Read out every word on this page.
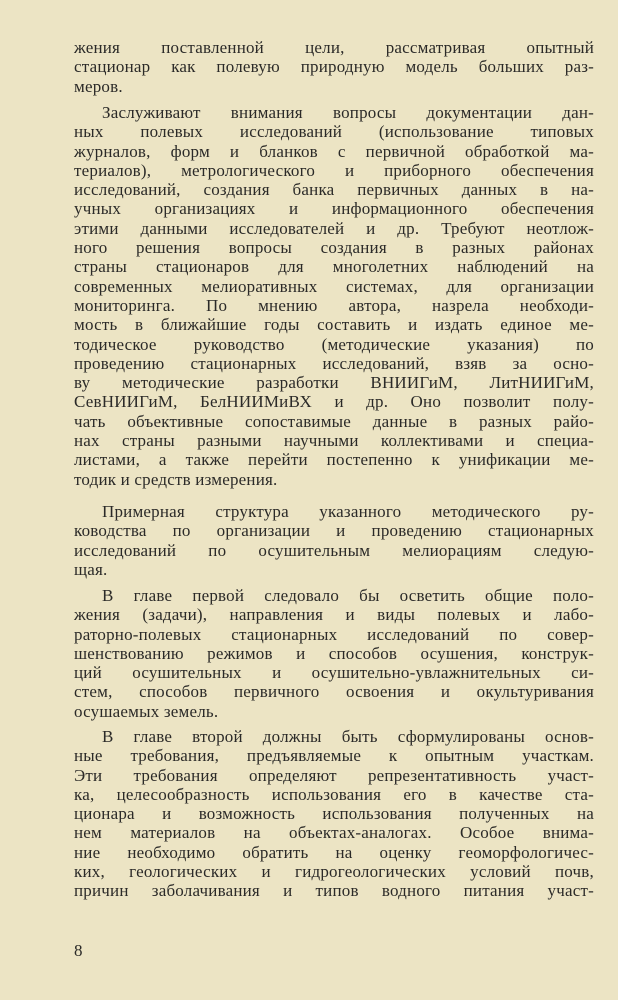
жения поставленной цели, рассматривая опытный
стационар как полевую природную модель больших раз-
меров.
Заслуживают внимания вопросы документации дан-
ных полевых исследований (использование типовых
журналов, форм и бланков с первичной обработкой ма-
териалов), метрологического и приборного обеспечения
исследований, создания банка первичных данных в на-
учных организациях и информационного обеспечения
этими данными исследователей и др. Требуют неотлож-
ного решения вопросы создания в разных районах
страны стационаров для многолетних наблюдений на
современных мелиоративных системах, для организации
мониторинга. По мнению автора, назрела необходи-
мость в ближайшие годы составить и издать единое ме-
тодическое руководство (методические указания) по
проведению стационарных исследований, взяв за осно-
ву методические разработки ВНИИГиМ, ЛитНИИГиМ,
СевНИИГиМ, БелНИИМиВХ и др. Оно позволит полу-
чать объективные сопоставимые данные в разных райо-
нах страны разными научными коллективами и специа-
листами, а также перейти постепенно к унификации ме-
тодик и средств измерения.
Примерная структура указанного методического ру-
ководства по организации и проведению стационарных
исследований по осушительным мелиорациям следую-
щая.
В главе первой следовало бы осветить общие поло-
жения (задачи), направления и виды полевых и лабо-
раторно-полевых стационарных исследований по совер-
шенствованию режимов и способов осушения, конструк-
ций осушительных и осушительно-увлажнительных си-
стем, способов первичного освоения и окультуривания
осушаемых земель.
В главе второй должны быть сформулированы основ-
ные требования, предъявляемые к опытным участкам.
Эти требования определяют репрезентативность участ-
ка, целесообразность использования его в качестве ста-
ционара и возможность использования полученных на
нем материалов на объектах-аналогах. Особое внима-
ние необходимо обратить на оценку геоморфологичес-
ких, геологических и гидрогеологических условий почв,
причин заболачивания и типов водного питания участ-
8
